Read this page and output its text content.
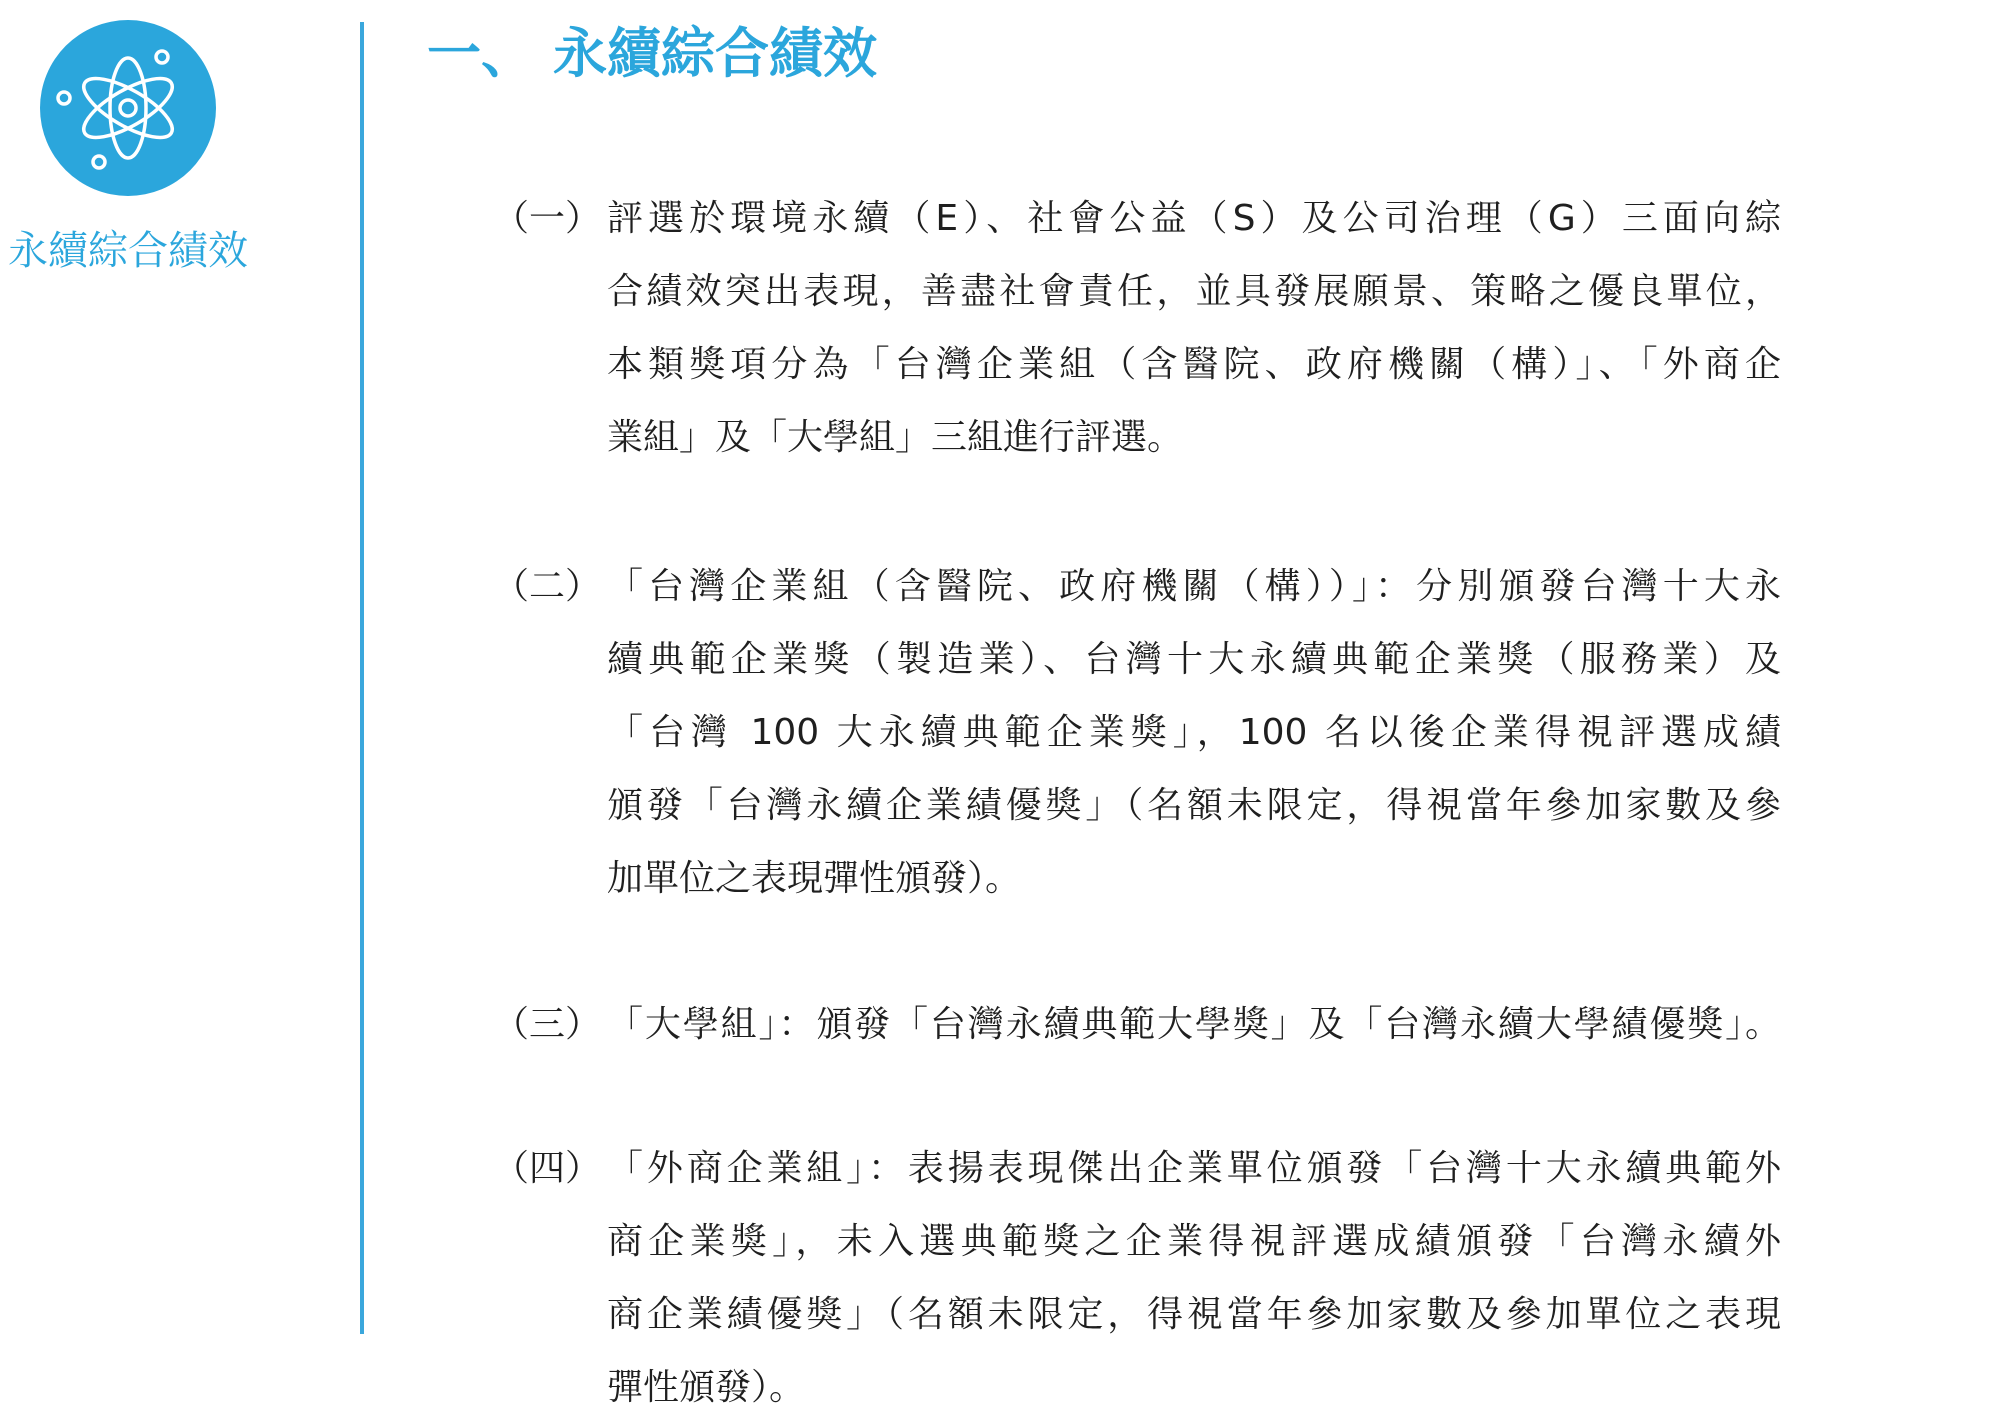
永續綜合績效
一、 永續綜合績效
（一） 評選於環境永續（E）、社會公益（S）及公司治理（G）三面向綜
合績效突出表現，善盡社會責任，並具發展願景、策略之優良單位，
本類獎項分為「台灣企業組（含醫院、政府機關（構）」、「外商企
業組」及「大學組」三組進行評選。
（二） 「台灣企業組（含醫院、政府機關（構））」：分別頒發台灣十大永
續典範企業獎（製造業）、台灣十大永續典範企業獎（服務業）及
「台灣 100 大永續典範企業獎」，100 名以後企業得視評選成績
頒發「台灣永續企業績優獎」（名額未限定，得視當年參加家數及參
加單位之表現彈性頒發）。
（三） 「大學組」：頒發「台灣永續典範大學獎」及「台灣永續大學績優獎」。
（四） 「外商企業組」：表揚表現傑出企業單位頒發「台灣十大永續典範外
商企業獎」，未入選典範獎之企業得視評選成績頒發「台灣永續外
商企業績優獎」（名額未限定，得視當年參加家數及參加單位之表現
彈性頒發）。
